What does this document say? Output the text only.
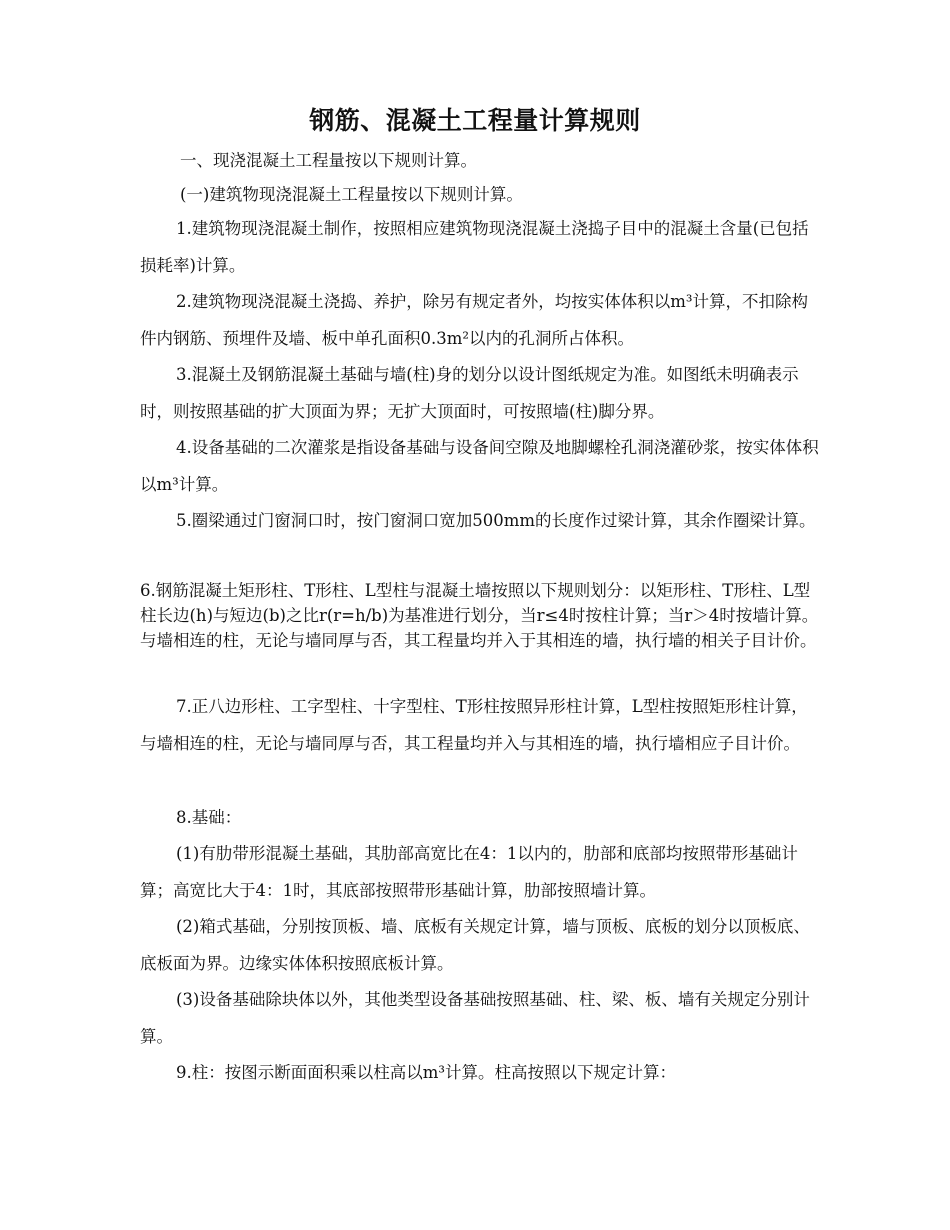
钢筋、混凝土工程量计算规则

一、现浇混凝土工程量按以下规则计算。

(一)建筑物现浇混凝土工程量按以下规则计算。

1.建筑物现浇混凝土制作，按照相应建筑物现浇混凝土浇捣子目中的混凝土含量(已包括损耗率)计算。

2.建筑物现浇混凝土浇捣、养护，除另有规定者外，均按实体体积以m³计算，不扣除构件内钢筋、预埋件及墙、板中单孔面积0.3m²以内的孔洞所占体积。

3.混凝土及钢筋混凝土基础与墙(柱)身的划分以设计图纸规定为准。如图纸未明确表示时，则按照基础的扩大顶面为界；无扩大顶面时，可按照墙(柱)脚分界。

4.设备基础的二次灌浆是指设备基础与设备间空隙及地脚螺栓孔洞浇灌砂浆，按实体体积以m³计算。

5.圈梁通过门窗洞口时，按门窗洞口宽加500mm的长度作过梁计算，其余作圈梁计算。

6.钢筋混凝土矩形柱、T形柱、L型柱与混凝土墙按照以下规则划分：以矩形柱、T形柱、L型柱长边(h)与短边(b)之比r(r=h/b)为基准进行划分，当r≤4时按柱计算；当r＞4时按墙计算。与墙相连的柱，无论与墙同厚与否，其工程量均并入于其相连的墙，执行墙的相关子目计价。

7.正八边形柱、工字型柱、十字型柱、T形柱按照异形柱计算，L型柱按照矩形柱计算，与墙相连的柱，无论与墙同厚与否，其工程量均并入与其相连的墙，执行墙相应子目计价。

8.基础：

(1)有肋带形混凝土基础，其肋部高宽比在4：1以内的，肋部和底部均按照带形基础计算；高宽比大于4：1时，其底部按照带形基础计算，肋部按照墙计算。

(2)箱式基础，分别按顶板、墙、底板有关规定计算，墙与顶板、底板的划分以顶板底、底板面为界。边缘实体体积按照底板计算。

(3)设备基础除块体以外，其他类型设备基础按照基础、柱、梁、板、墙有关规定分别计算。

9.柱：按图示断面面积乘以柱高以m³计算。柱高按照以下规定计算：
